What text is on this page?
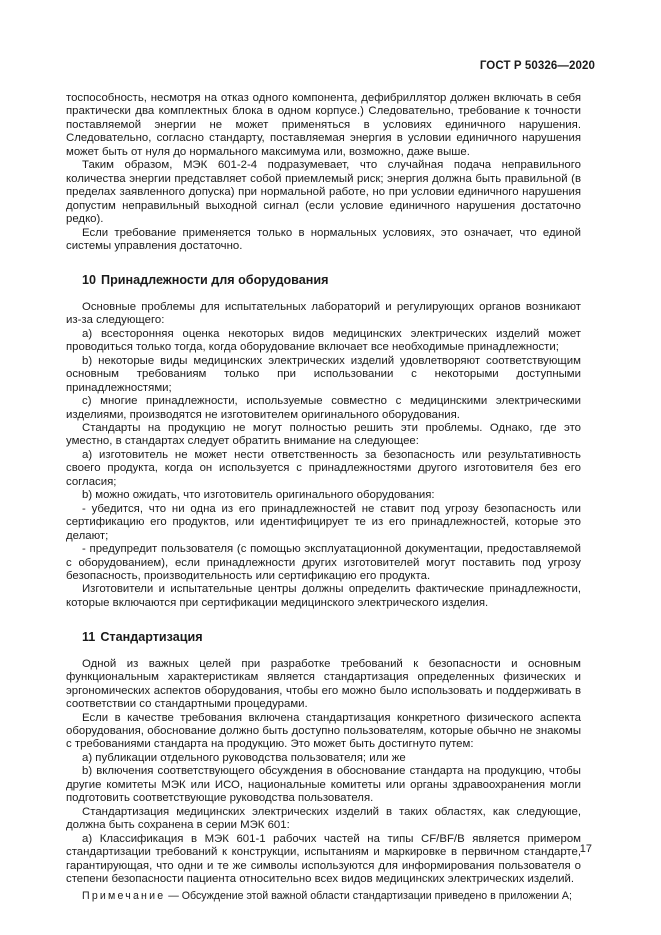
ГОСТ Р 50326—2020

тоспособность, несмотря на отказ одного компонента, дефибриллятор должен включать в себя практически два комплектных блока в одном корпусе.) Следовательно, требование к точности поставляемой энергии не может применяться в условиях единичного нарушения. Следовательно, согласно стандарту, поставляемая энергия в условии единичного нарушения может быть от нуля до нормального максимума или, возможно, даже выше.

Таким образом, МЭК 601-2-4 подразумевает, что случайная подача неправильного количества энергии представляет собой приемлемый риск; энергия должна быть правильной (в пределах заявленного допуска) при нормальной работе, но при условии единичного нарушения допустим неправильный выходной сигнал (если условие единичного нарушения достаточно редко).

Если требование применяется только в нормальных условиях, это означает, что единой системы управления достаточно.

10 Принадлежности для оборудования

Основные проблемы для испытательных лабораторий и регулирующих органов возникают из-за следующего:

a) всесторонняя оценка некоторых видов медицинских электрических изделий может проводиться только тогда, когда оборудование включает все необходимые принадлежности;

b) некоторые виды медицинских электрических изделий удовлетворяют соответствующим основным требованиям только при использовании с некоторыми доступными принадлежностями;

c) многие принадлежности, используемые совместно с медицинскими электрическими изделиями, производятся не изготовителем оригинального оборудования.

Стандарты на продукцию не могут полностью решить эти проблемы. Однако, где это уместно, в стандартах следует обратить внимание на следующее:

a) изготовитель не может нести ответственность за безопасность или результативность своего продукта, когда он используется с принадлежностями другого изготовителя без его согласия;

b) можно ожидать, что изготовитель оригинального оборудования:

- убедится, что ни одна из его принадлежностей не ставит под угрозу безопасность или сертификацию его продуктов, или идентифицирует те из его принадлежностей, которые это делают;

- предупредит пользователя (с помощью эксплуатационной документации, предоставляемой с оборудованием), если принадлежности других изготовителей могут поставить под угрозу безопасность, производительность или сертификацию его продукта.

Изготовители и испытательные центры должны определить фактические принадлежности, которые включаются при сертификации медицинского электрического изделия.

11 Стандартизация

Одной из важных целей при разработке требований к безопасности и основным функциональным характеристикам является стандартизация определенных физических и эргономических аспектов оборудования, чтобы его можно было использовать и поддерживать в соответствии со стандартными процедурами.

Если в качестве требования включена стандартизация конкретного физического аспекта оборудования, обоснование должно быть доступно пользователям, которые обычно не знакомы с требованиями стандарта на продукцию. Это может быть достигнуто путем:

a) публикации отдельного руководства пользователя; или же

b) включения соответствующего обсуждения в обоснование стандарта на продукцию, чтобы другие комитеты МЭК или ИСО, национальные комитеты или органы здравоохранения могли подготовить соответствующие руководства пользователя.

Стандартизация медицинских электрических изделий в таких областях, как следующие, должна быть сохранена в серии МЭК 601:

a) Классификация в МЭК 601-1 рабочих частей на типы CF/BF/B является примером стандартизации требований к конструкции, испытаниям и маркировке в первичном стандарте, гарантирующая, что одни и те же символы используются для информирования пользователя о степени безопасности пациента относительно всех видов медицинских электрических изделий.

Примечание — Обсуждение этой важной области стандартизации приведено в приложении А;

17
